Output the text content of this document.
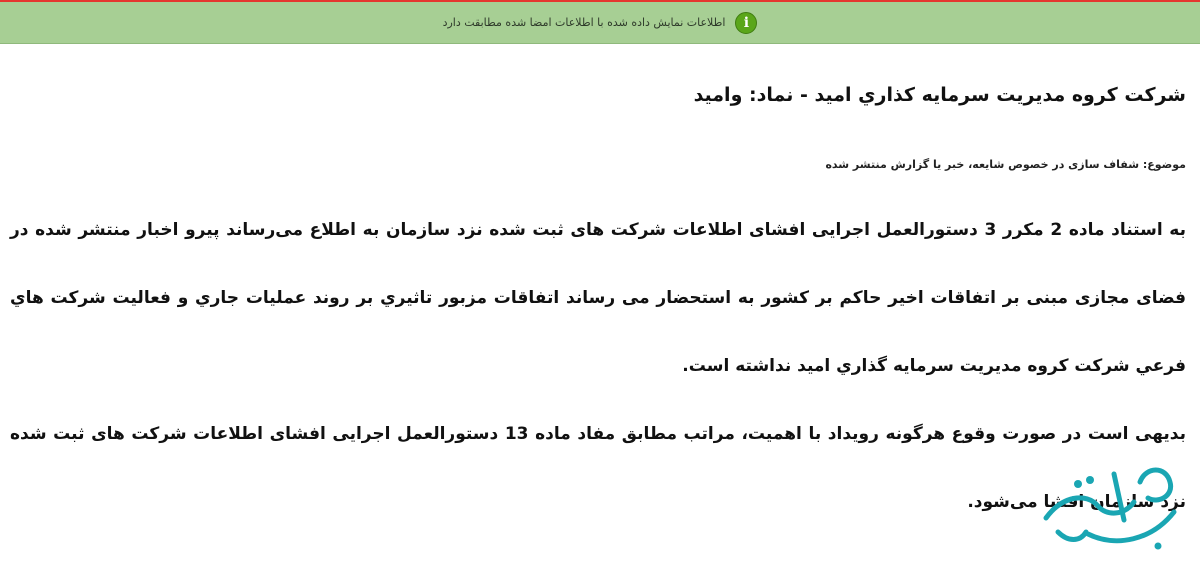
i
اطلاعات نمایش داده شده با اطلاعات امضا شده مطابقت دارد
شرکت کروه مديريت سرمايه كذاري اميد - نماد: واميد
موضوع: شفاف سازی در خصوص شایعه، خبر یا گزارش منتشر شده

به استناد ماده 2 مکرر 3 دستورالعمل اجرایی افشای اطلاعات شرکت های ثبت شده نزد سازمان به اطلاع می‌رساند پیرو اخبار منتشر شده در فضای مجازی مبنی بر اتفاقات اخیر حاکم بر کشور به استحضار می رساند اتفاقات مزبور تاثيري بر روند عمليات جاري و فعاليت شركت هاي فرعي شركت كروه مديريت سرمايه گذاري اميد نداشته است.

بدیهی است در صورت وقوع هرگونه رویداد با اهمیت، مراتب مطابق مفاد ماده 13 دستورالعمل اجرایی افشای اطلاعات شرکت های ثبت شده نزد سازمان افشا می‌شود.
